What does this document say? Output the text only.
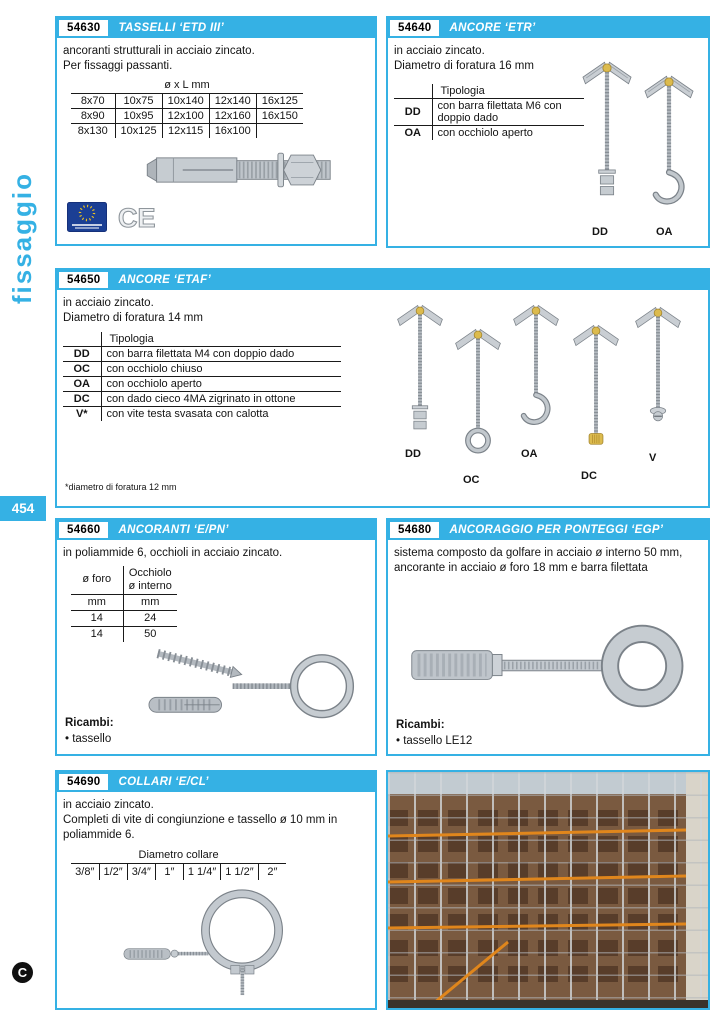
fissaggio
454
C
54630	TASSELLI ‘ETD III’
ancoranti strutturali in acciaio zincato.
Per fissaggi passanti.
ø x L mm				
8x70	10x75	10x140	12x140	16x125
8x90	10x95	12x100	12x160	16x150
8x130	10x125	12x115	16x100	
CE
54640	ANCORE ‘ETR’
in acciaio zincato.
Diametro di foratura 16 mm
	Tipologia
DD	con barra filettata M6 con doppio dado
OA	con occhiolo aperto
DD	OA
54650	ANCORE ‘ETAF’
in acciaio zincato.
Diametro di foratura 14 mm
	Tipologia
DD	con barra filettata M4 con doppio dado
OC	con occhiolo chiuso
OA	con occhiolo aperto
DC	con dado cieco 4MA zigrinato in ottone
V*	con vite testa svasata con calotta
*diametro di foratura 12 mm
DD
OC
OA
DC
V
54660	ANCORANTI ‘E/PN’
in poliammide 6, occhioli in acciaio zincato.
ø foro	Occhiolo
ø interno

mm	mm
14	24
14	50
Ricambi:
• tassello
54680	ANCORAGGIO PER PONTEGGI ‘EGP’
sistema composto da golfare in acciaio ø interno 50 mm,
ancorante in acciaio ø foro 18 mm e barra filettata
Ricambi:
• tassello LE12
54690	COLLARI ‘E/CL’
in acciaio zincato.
Completi di vite di congiunzione e tassello ø 10 mm in poliammide 6.
Diametro collare
3/8″	1/2″	3/4″	1″	1 1/4″	1 1/2″	2″
